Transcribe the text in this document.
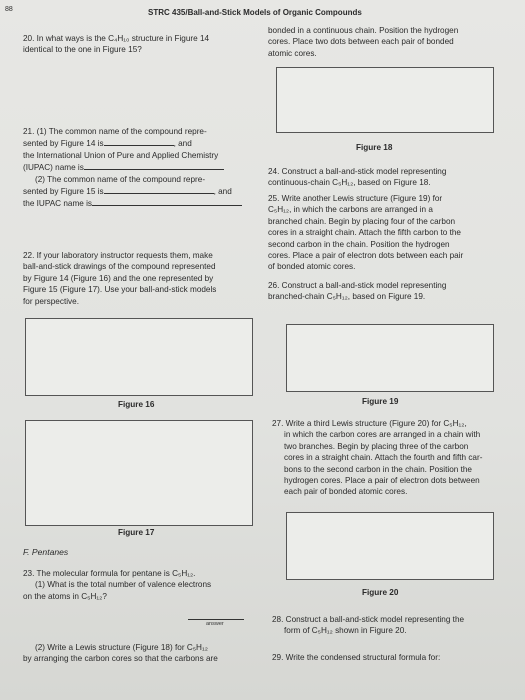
88	STRC 435/Ball-and-Stick Models of Organic Compounds
20. In what ways is the C₄H₁₀ structure in Figure 14
identical to the one in Figure 15?
21. (1) The common name of the compound repre-
sented by Figure 14 is	, and
the International Union of Pure and Applied Chemistry
(IUPAC) name is
(2) The common name of the compound repre-
sented by Figure 15 is	, and
the IUPAC name is
22. If your laboratory instructor requests them, make
ball-and-stick drawings of the compound represented
by Figure 14 (Figure 16) and the one represented by
Figure 15 (Figure 17). Use your ball-and-stick models
for perspective.
Figure 16
Figure 17
F. Pentanes
23. The molecular formula for pentane is C₅H₁₂.
(1) What is the total number of valence electrons
on the atoms in C₅H₁₂?
answer
(2) Write a Lewis structure (Figure 18) for C₅H₁₂
by arranging the carbon cores so that the carbons are
bonded in a continuous chain. Position the hydrogen
cores. Place two dots between each pair of bonded
atomic cores.
Figure 18
24. Construct a ball-and-stick model representing
continuous-chain C₅H₁₂, based on Figure 18.
25. Write another Lewis structure (Figure 19) for
C₅H₁₂, in which the carbons are arranged in a
branched chain. Begin by placing four of the carbon
cores in a straight chain. Attach the fifth carbon to the
second carbon in the chain. Position the hydrogen
cores. Place a pair of electron dots between each pair
of bonded atomic cores.
26. Construct a ball-and-stick model representing
branched-chain C₅H₁₂, based on Figure 19.
Figure 19
27. Write a third Lewis structure (Figure 20) for C₅H₁₂,
in which the carbon cores are arranged in a chain with
two branches. Begin by placing three of the carbon
cores in a straight chain. Attach the fourth and fifth car-
bons to the second carbon in the chain. Position the
hydrogen cores. Place a pair of electron dots between
each pair of bonded atomic cores.
Figure 20
28. Construct a ball-and-stick model representing the
form of C₅H₁₂ shown in Figure 20.
29. Write the condensed structural formula for:
